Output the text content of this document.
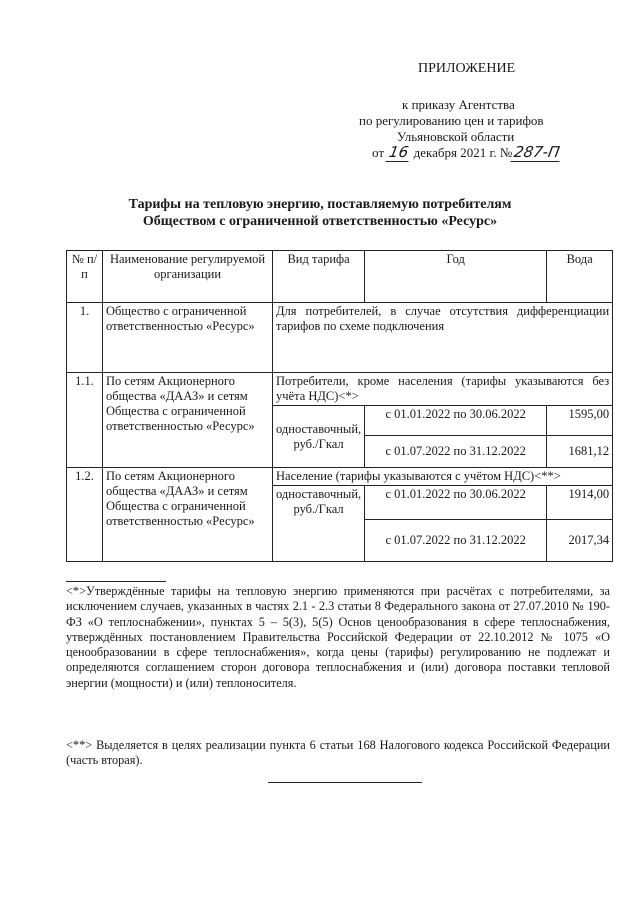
ПРИЛОЖЕНИЕ
к приказу Агентства
по регулированию цен и тарифов
Ульяновской области
от 16 декабря 2021 г. №287-П
Тарифы на тепловую энергию, поставляемую потребителям
Обществом с ограниченной ответственностью «Ресурс»
№ п/п	Наименование регулируемой организации	Вид тарифа	Год	Вода
1.	Общество с ограниченной ответственностью «Ресурс»	Для потребителей, в случае отсутствия дифференциации тарифов по схеме подключения		
1.1.	По сетям Акционерного общества «ДААЗ» и сетям Общества с ограниченной ответственностью «Ресурс»	Потребители, кроме населения (тарифы указываются без учёта НДС)<*>		
		одноставочный, руб./Гкал	с 01.01.2022 по 30.06.2022	1595,00
			с 01.07.2022 по 31.12.2022	1681,12
1.2.	По сетям Акционерного общества «ДААЗ» и сетям Общества с ограниченной ответственностью «Ресурс»	Население (тарифы указываются с учётом НДС)<**>		
		одноставочный, руб./Гкал	с 01.01.2022 по 30.06.2022	1914,00
			с 01.07.2022 по 31.12.2022	2017,34
<*>Утверждённые тарифы на тепловую энергию применяются при расчётах с потребителями, за исключением случаев, указанных в частях 2.1 - 2.3 статьи 8 Федерального закона от 27.07.2010 № 190-ФЗ «О теплоснабжении», пунктах 5 – 5(3), 5(5) Основ ценообразования в сфере теплоснабжения, утверждённых постановлением Правительства Российской Федерации от 22.10.2012 № 1075 «О ценообразовании в сфере теплоснабжения», когда цены (тарифы) регулированию не подлежат и определяются соглашением сторон договора теплоснабжения и (или) договора поставки тепловой энергии (мощности) и (или) теплоносителя.
<**> Выделяется в целях реализации пункта 6 статьи 168 Налогового кодекса Российской Федерации (часть вторая).
